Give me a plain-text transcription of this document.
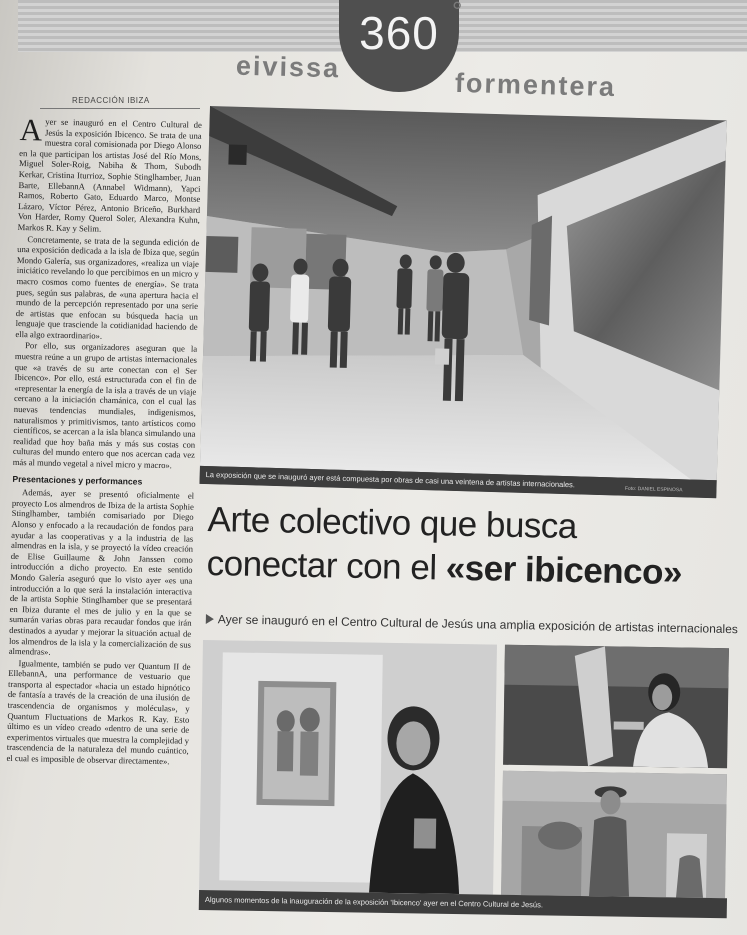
360 °
eivissa
formentera
REDACCIÓN IBIZA

Ayer se inauguró en el Centro Cultural de Jesús la exposición Ibicenco. Se trata de una muestra coral comisionada por Diego Alonso en la que participan los artistas José del Río Mons, Miguel Soler-Roig, Nabiha & Thom, Subodh Kerkar, Cristina Iturrioz, Sophie Stinglhamber, Juan Barte, EllebannA (Annabel Widmann), Yapci Ramos, Roberto Gato, Eduardo Marco, Montse Lázaro, Víctor Pérez, Antonio Briceño, Burkhard Von Harder, Romy Querol Soler, Alexandra Kuhn, Markos R. Kay y Selim.

Concretamente, se trata de la segunda edición de una exposición dedicada a la isla de Ibiza que, según Mondo Galería, sus organizadores, «realiza un viaje iniciático revelando lo que percibimos en un micro y macro cosmos como fuentes de energía». Se trata pues, según sus palabras, de «una apertura hacia el mundo de la percepción representado por una serie de artistas que enfocan su búsqueda hacia un lenguaje que trasciende la cotidianidad haciendo de ella algo extraordinario».

Por ello, sus organizadores aseguran que la muestra reúne a un grupo de artistas internacionales que «a través de su arte conectan con el Ser Ibicenco». Por ello, está estructurada con el fin de «representar la energía de la isla a través de un viaje cercano a la iniciación chamánica, con el cual las nuevas tendencias mundiales, indigenismos, naturalismos y primitivismos, tanto artísticos como científicos, se acercan a la isla blanca simulando una realidad que hoy baña más y más sus costas con culturas del mundo entero que nos acercan cada vez más al mundo vegetal a nivel micro y macro».

Presentaciones y performances

Además, ayer se presentó oficialmente el proyecto Los almendros de Ibiza de la artista Sophie Stinglhamber, también comisariado por Diego Alonso y enfocado a la recaudación de fondos para ayudar a las cooperativas y a la industria de las almendras en la isla, y se proyectó la vídeo creación de Elise Guillaume & John Janssen como introducción a dicho proyecto. En este sentido Mondo Galería aseguró que lo visto ayer «es una introducción a lo que será la instalación interactiva de la artista Sophie Stinglhamber que se presentará en Ibiza durante el mes de julio y en la que se sumarán varias obras para recaudar fondos que irán destinados a ayudar y mejorar la situación actual de los almendros de la isla y la comercialización de sus almendras».

Igualmente, también se pudo ver Quantum II de EllebannA, una performance de vestuario que transporta al espectador «hacia un estado hipnótico de fantasía a través de la creación de una ilusión de trascendencia de organismos y moléculas», y Quantum Fluctuations de Markos R. Kay. Esto último es un vídeo creado «dentro de una serie de experimentos virtuales que muestra la complejidad y trascendencia de la naturaleza del mundo cuántico, el cual es imposible de observar directamente».

La exposición que se inauguró ayer está compuesta por obras de casi una veintena de artistas internacionales.
Foto: DANIEL ESPINOSA
Arte colectivo que busca
conectar con el «ser ibicenco»
Ayer se inauguró en el Centro Cultural de Jesús una amplia exposición de artistas internacionales
Algunos momentos de la inauguración de la exposición 'Ibicenco' ayer en el Centro Cultural de Jesús.
